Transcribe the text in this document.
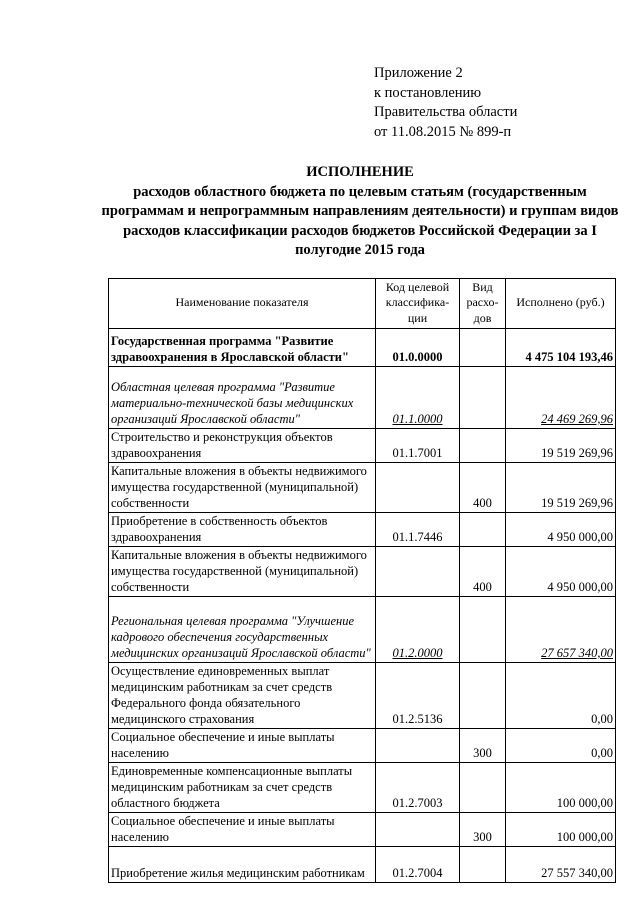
Приложение 2
к постановлению
Правительства области
от 11.08.2015 № 899-п
ИСПОЛНЕНИЕ
расходов областного бюджета по целевым статьям (государственным программам и непрограммным направлениям деятельности) и группам видов расходов классификации расходов бюджетов Российской Федерации за I полугодие 2015 года
Наименование показателя	Код целевой классифика-ции	Вид расхо-дов	Исполнено (руб.)
Государственная программа "Развитие здравоохранения в Ярославской области"	01.0.0000		4 475 104 193,46
Областная целевая программа "Развитие материально-технической базы медицинских организаций Ярославской области"	01.1.0000		24 469 269,96
Строительство и реконструкция объектов здравоохранения	01.1.7001		19 519 269,96
Капитальные вложения в объекты недвижимого имущества государственной (муниципальной) собственности		400	19 519 269,96
Приобретение в собственность объектов здравоохранения	01.1.7446		4 950 000,00
Капитальные вложения в объекты недвижимого имущества государственной (муниципальной) собственности		400	4 950 000,00
Региональная целевая программа "Улучшение кадрового обеспечения государственных медицинских организаций Ярославской области"	01.2.0000		27 657 340,00
Осуществление единовременных выплат медицинским работникам за счет средств Федерального фонда обязательного медицинского страхования	01.2.5136		0,00
Социальное обеспечение и иные выплаты населению		300	0,00
Единовременные компенсационные выплаты медицинским работникам за счет средств областного бюджета	01.2.7003		100 000,00
Социальное обеспечение и иные выплаты населению		300	100 000,00
Приобретение жилья медицинским работникам	01.2.7004		27 557 340,00
